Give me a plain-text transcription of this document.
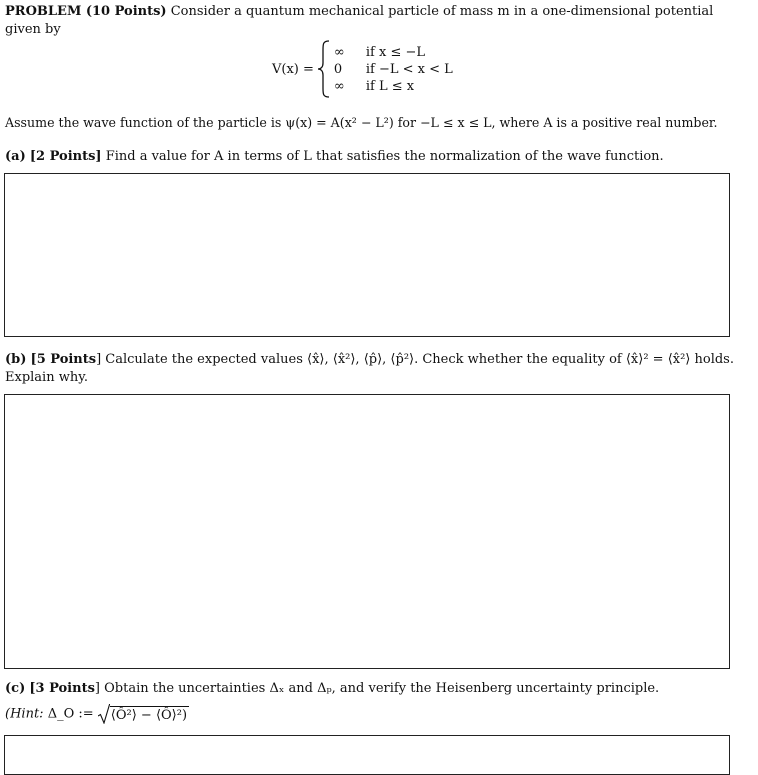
PROBLEM (10 Points) Consider a quantum mechanical particle of mass m in a one-dimensional potential
given by
V(x) =
∞	if x ≤ −L
0	if −L < x < L
∞	if L ≤ x
Assume the wave function of the particle is ψ(x) = A(x² − L²) for −L ≤ x ≤ L, where A is a positive real number.
(a) [2 Points] Find a value for A in terms of L that satisfies the normalization of the wave function.
(b) [5 Points] Calculate the expected values ⟨x̂⟩, ⟨x̂²⟩, ⟨p̂⟩, ⟨p̂²⟩. Check whether the equality of ⟨x̂⟩² = ⟨x̂²⟩ holds.
Explain why.
(c) [3 Points] Obtain the uncertainties Δₓ and Δₚ, and verify the Heisenberg uncertainty principle.
(Hint: Δ_O := ⟨Ô²⟩ − ⟨Ô⟩²)
